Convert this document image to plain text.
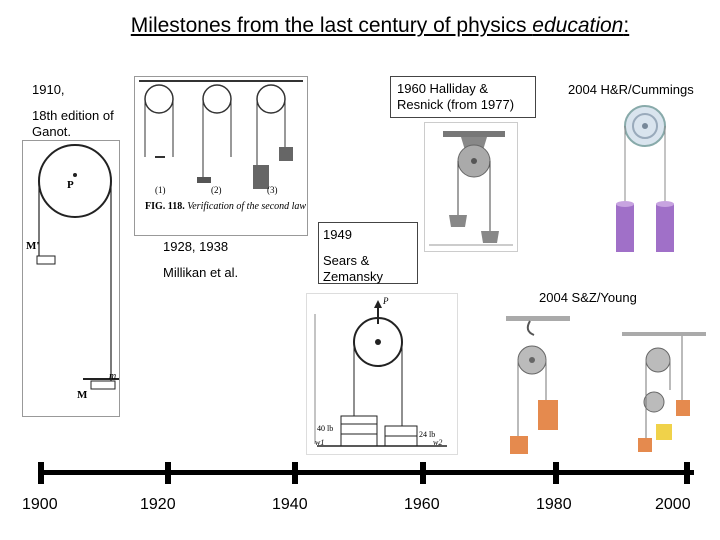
Milestones from the last century of physics education:
1910,
18th edition of Ganot.
P
M'
M
m
(1)	(2)	(3)
FIG. 118. Verification of the second law
1928, 1938
Millikan et al.
1949
Sears & Zemansky
1960 Halliday & Resnick (from 1977)
2004 H&R/Cummings
2004 S&Z/Young
P
40 lb
24 lb
w1	w2
1900	1920	1940	1960	1980	2000
